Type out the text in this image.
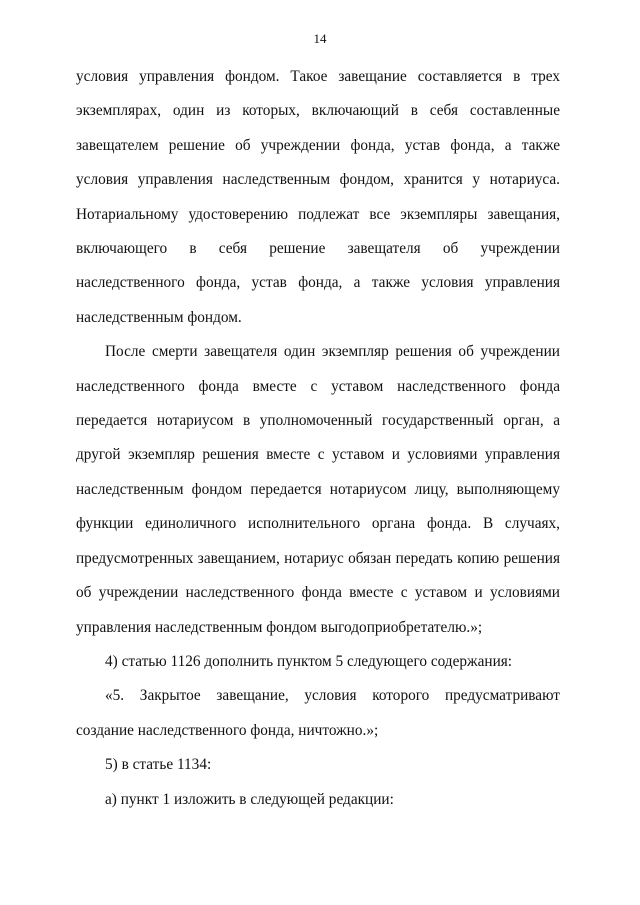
14

условия управления фондом. Такое завещание составляется в трех экземплярах, один из которых, включающий в себя составленные завещателем решение об учреждении фонда, устав фонда, а также условия управления наследственным фондом, хранится у нотариуса. Нотариальному удостоверению подлежат все экземпляры завещания, включающего в себя решение завещателя об учреждении наследственного фонда, устав фонда, а также условия управления наследственным фондом.

После смерти завещателя один экземпляр решения об учреждении наследственного фонда вместе с уставом наследственного фонда передается нотариусом в уполномоченный государственный орган, а другой экземпляр решения вместе с уставом и условиями управления наследственным фондом передается нотариусом лицу, выполняющему функции единоличного исполнительного органа фонда. В случаях, предусмотренных завещанием, нотариус обязан передать копию решения об учреждении наследственного фонда вместе с уставом и условиями управления наследственным фондом выгодоприобретателю.»;

4) статью 1126 дополнить пунктом 5 следующего содержания:

«5. Закрытое завещание, условия которого предусматривают создание наследственного фонда, ничтожно.»;

5) в статье 1134:

а) пункт 1 изложить в следующей редакции:
